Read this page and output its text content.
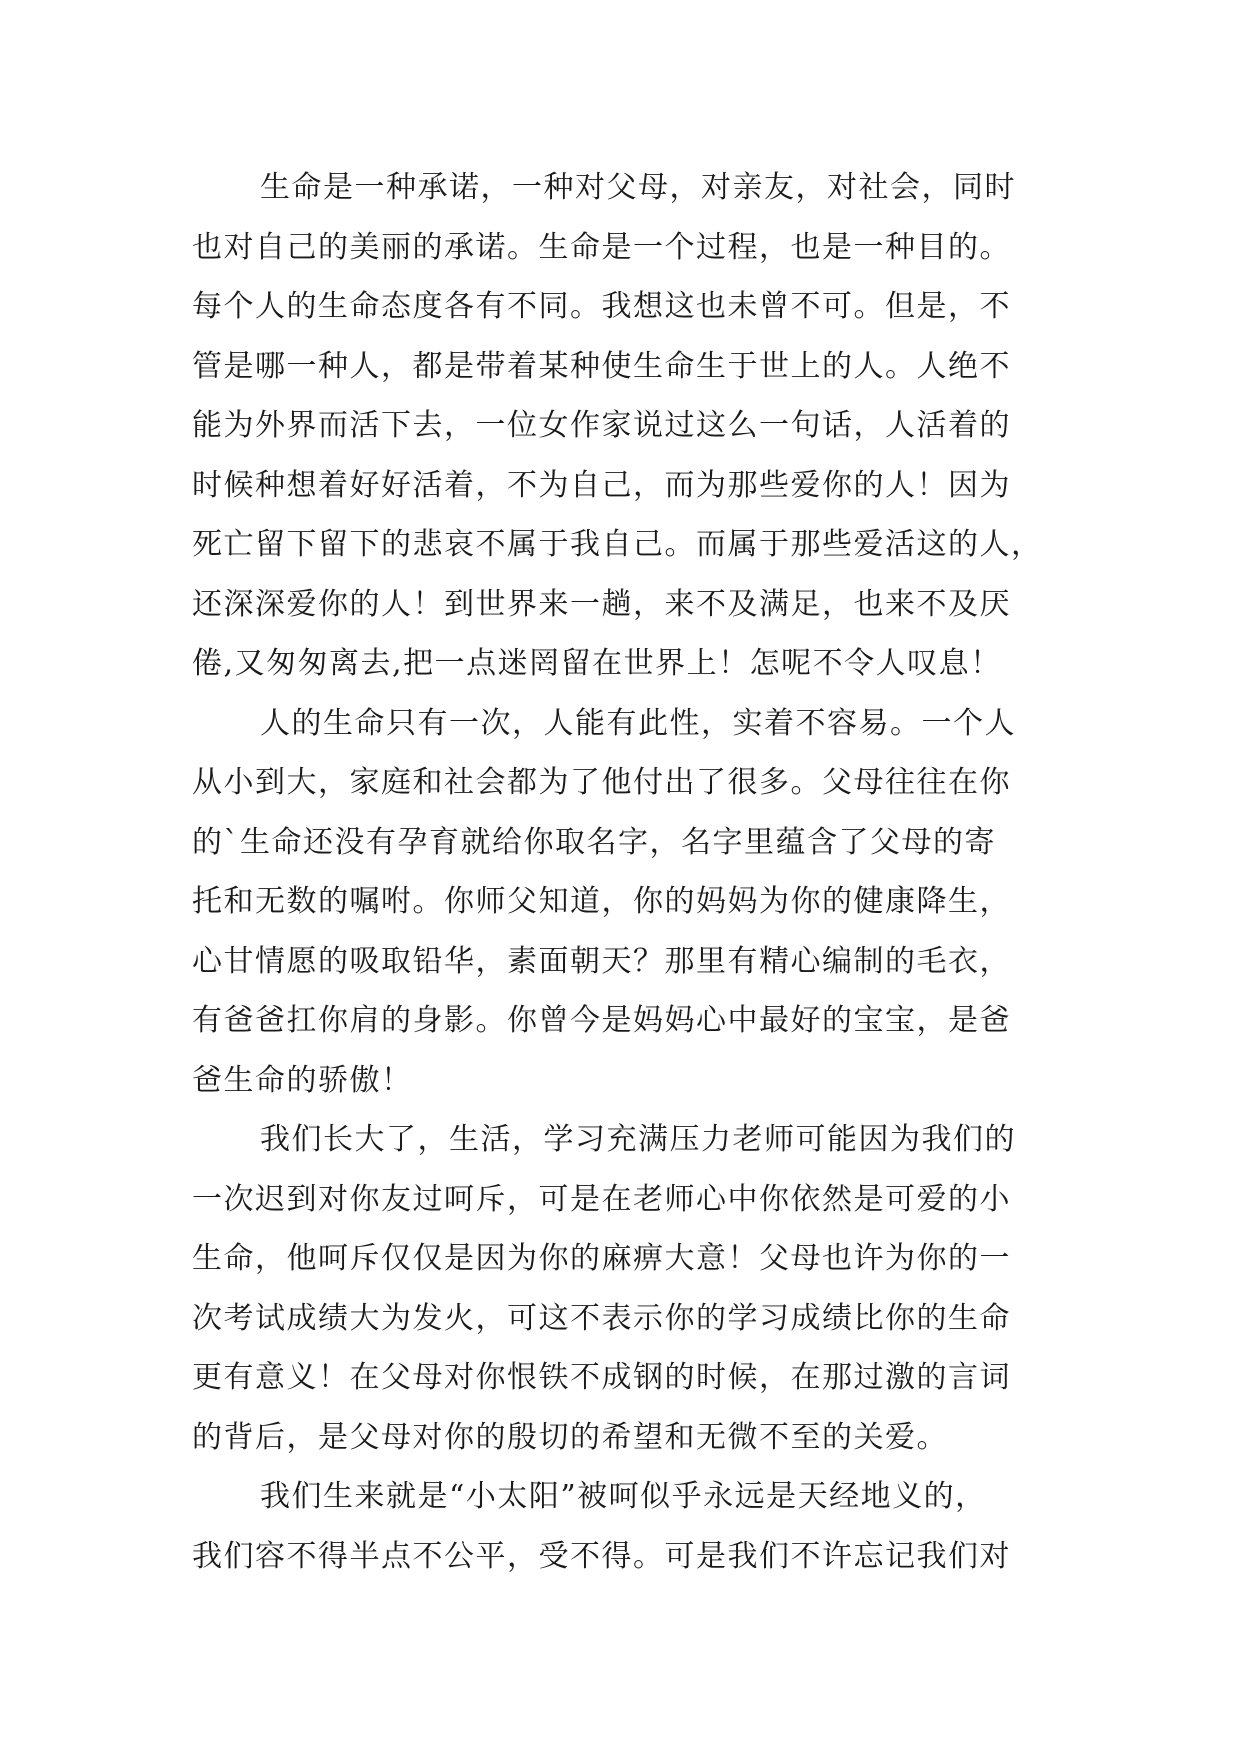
生命是一种承诺，一种对父母，对亲友，对社会，同时
也对自己的美丽的承诺。生命是一个过程，也是一种目的。
每个人的生命态度各有不同。我想这也未曾不可。但是，不
管是哪一种人，都是带着某种使生命生于世上的人。人绝不
能为外界而活下去，一位女作家说过这么一句话，人活着的
时候种想着好好活着，不为自己，而为那些爱你的人！因为
死亡留下留下的悲哀不属于我自己。而属于那些爱活这的人，
还深深爱你的人！到世界来一趟，来不及满足，也来不及厌
倦,又匆匆离去,把一点迷罔留在世界上！怎呢不令人叹息！
人的生命只有一次，人能有此性，实着不容易。一个人
从小到大，家庭和社会都为了他付出了很多。父母往往在你
的`生命还没有孕育就给你取名字，名字里蕴含了父母的寄
托和无数的嘱咐。你师父知道，你的妈妈为你的健康降生，
心甘情愿的吸取铅华，素面朝天？那里有精心编制的毛衣，
有爸爸扛你肩的身影。你曾今是妈妈心中最好的宝宝，是爸
爸生命的骄傲！
我们长大了，生活，学习充满压力老师可能因为我们的
一次迟到对你友过呵斥，可是在老师心中你依然是可爱的小
生命，他呵斥仅仅是因为你的麻痹大意！父母也许为你的一
次考试成绩大为发火，可这不表示你的学习成绩比你的生命
更有意义！在父母对你恨铁不成钢的时候，在那过激的言词
的背后，是父母对你的殷切的希望和无微不至的关爱。
我们生来就是“小太阳”被呵似乎永远是天经地义的，
我们容不得半点不公平，受不得。可是我们不许忘记我们对
